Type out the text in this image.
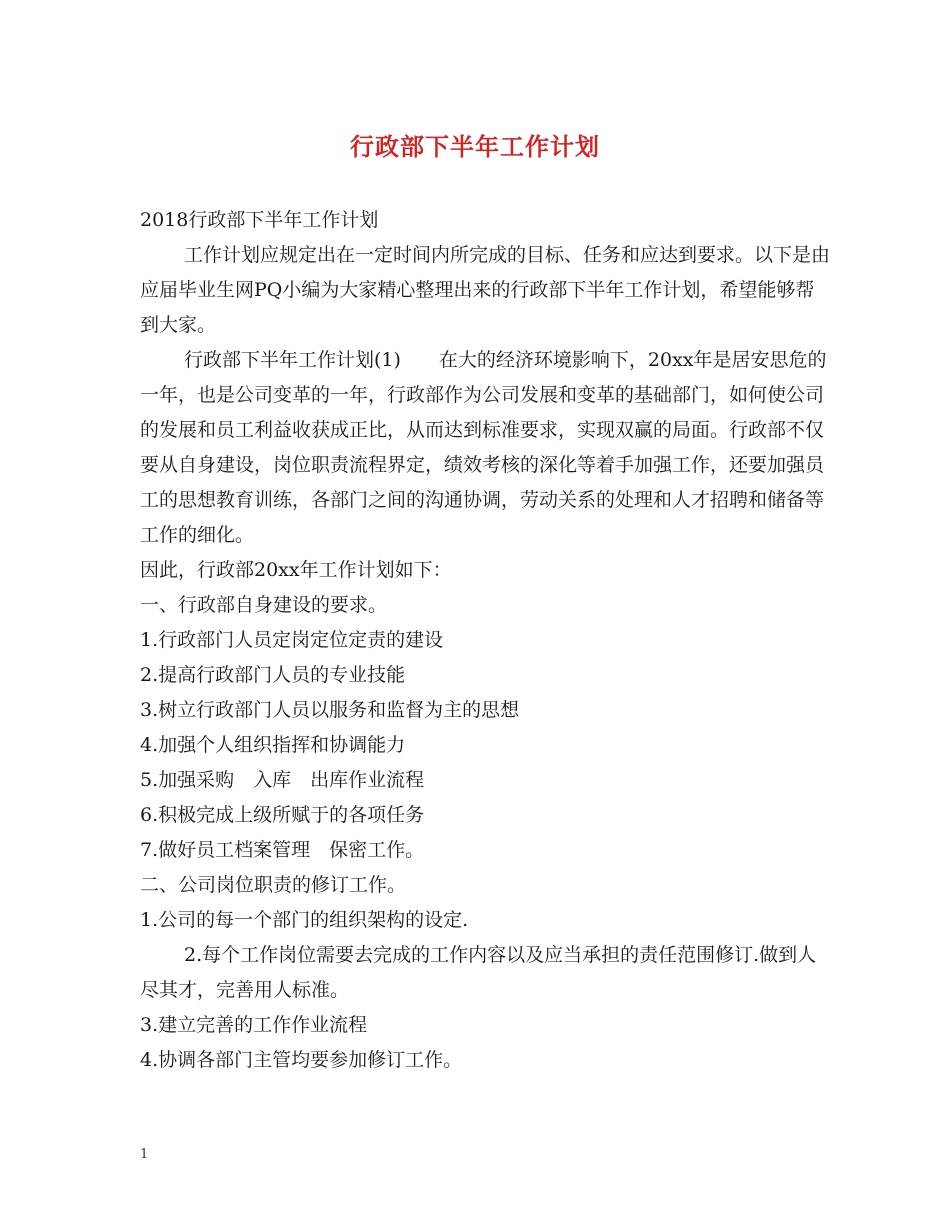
行政部下半年工作计划

2018行政部下半年工作计划

工作计划应规定出在一定时间内所完成的目标、任务和应达到要求。以下是由应届毕业生网PQ小编为大家精心整理出来的行政部下半年工作计划，希望能够帮到大家。

行政部下半年工作计划(1)　　在大的经济环境影响下，20xx年是居安思危的一年，也是公司变革的一年，行政部作为公司发展和变革的基础部门，如何使公司的发展和员工利益收获成正比，从而达到标准要求，实现双赢的局面。行政部不仅要从自身建设，岗位职责流程界定，绩效考核的深化等着手加强工作，还要加强员工的思想教育训练，各部门之间的沟通协调，劳动关系的处理和人才招聘和储备等工作的细化。

因此，行政部20xx年工作计划如下：

一、行政部自身建设的要求。

1.行政部门人员定岗定位定责的建设

2.提高行政部门人员的专业技能

3.树立行政部门人员以服务和监督为主的思想

4.加强个人组织指挥和协调能力

5.加强采购　入库　出库作业流程

6.积极完成上级所赋于的各项任务

7.做好员工档案管理　保密工作。

二、公司岗位职责的修订工作。

1.公司的每一个部门的组织架构的设定.

2.每个工作岗位需要去完成的工作内容以及应当承担的责任范围修订.做到人尽其才，完善用人标准。

3.建立完善的工作作业流程

4.协调各部门主管均要参加修订工作。

1
